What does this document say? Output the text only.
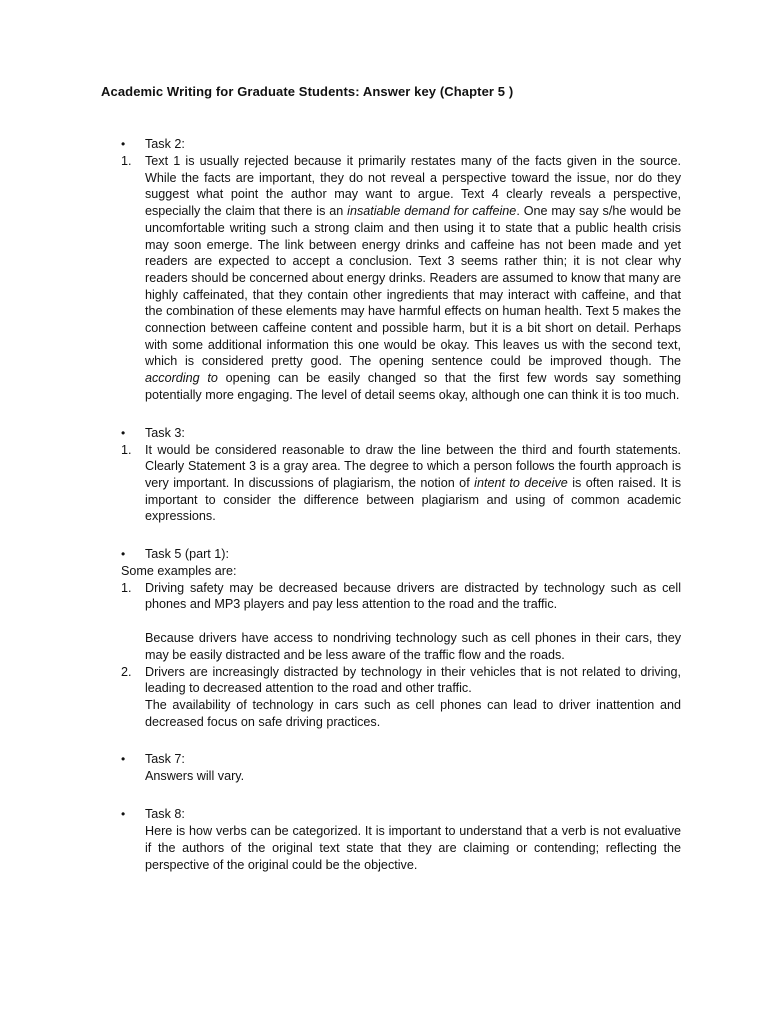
Academic Writing for Graduate Students: Answer key (Chapter 5 )
•	Task 2:
1. Text 1 is usually rejected because it primarily restates many of the facts given in the source. While the facts are important, they do not reveal a perspective toward the issue, nor do they suggest what point the author may want to argue. Text 4 clearly reveals a perspective, especially the claim that there is an insatiable demand for caffeine. One may say s/he would be uncomfortable writing such a strong claim and then using it to state that a public health crisis may soon emerge. The link between energy drinks and caffeine has not been made and yet readers are expected to accept a conclusion. Text 3 seems rather thin; it is not clear why readers should be concerned about energy drinks. Readers are assumed to know that many are highly caffeinated, that they contain other ingredients that may interact with caffeine, and that the combination of these elements may have harmful effects on human health. Text 5 makes the connection between caffeine content and possible harm, but it is a bit short on detail. Perhaps with some additional information this one would be okay. This leaves us with the second text, which is considered pretty good. The opening sentence could be improved though. The according to opening can be easily changed so that the first few words say something potentially more engaging. The level of detail seems okay, although one can think it is too much.
•	Task 3:
1. It would be considered reasonable to draw the line between the third and fourth statements. Clearly Statement 3 is a gray area. The degree to which a person follows the fourth approach is very important. In discussions of plagiarism, the notion of intent to deceive is often raised. It is important to consider the difference between plagiarism and using of common academic expressions.
•	Task 5 (part 1):
Some examples are:
1. Driving safety may be decreased because drivers are distracted by technology such as cell phones and MP3 players and pay less attention to the road and the traffic.
Because drivers have access to nondriving technology such as cell phones in their cars, they may be easily distracted and be less aware of the traffic flow and the roads.
2. Drivers are increasingly distracted by technology in their vehicles that is not related to driving, leading to decreased attention to the road and other traffic.
The availability of technology in cars such as cell phones can lead to driver inattention and decreased focus on safe driving practices.
•	Task 7:
Answers will vary.
•	Task 8:
Here is how verbs can be categorized. It is important to understand that a verb is not evaluative if the authors of the original text state that they are claiming or contending; reflecting the perspective of the original could be the objective.
